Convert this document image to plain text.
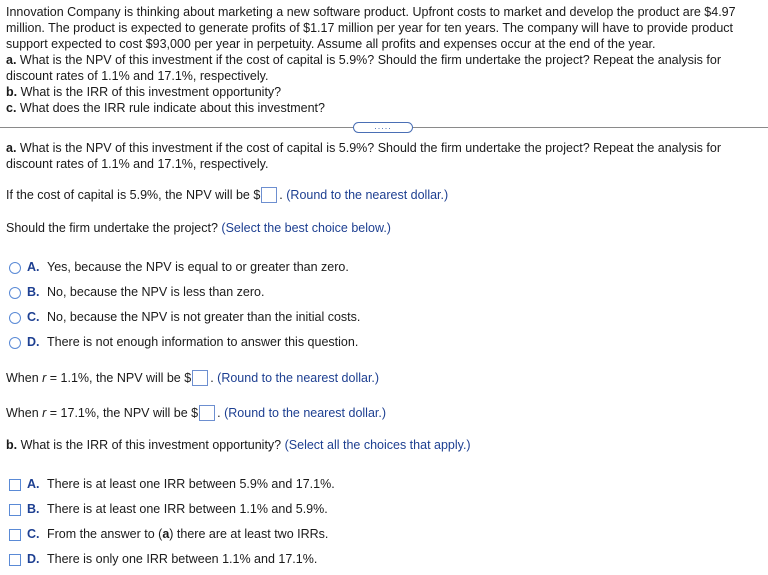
Innovation Company is thinking about marketing a new software product. Upfront costs to market and develop the product are $4.97 million. The product is expected to generate profits of $1.17 million per year for ten years. The company will have to provide product support expected to cost $93,000 per year in perpetuity. Assume all profits and expenses occur at the end of the year.

a. What is the NPV of this investment if the cost of capital is 5.9%? Should the firm undertake the project? Repeat the analysis for discount rates of 1.1% and 17.1%, respectively.

b. What is the IRR of this investment opportunity?

c. What does the IRR rule indicate about this investment?

.....
a. What is the NPV of this investment if the cost of capital is 5.9%? Should the firm undertake the project? Repeat the analysis for discount rates of 1.1% and 17.1%, respectively.
If the cost of capital is 5.9%, the NPV will be $ . (Round to the nearest dollar.)
Should the firm undertake the project? (Select the best choice below.)
A. Yes, because the NPV is equal to or greater than zero.
B. No, because the NPV is less than zero.
C. No, because the NPV is not greater than the initial costs.
D. There is not enough information to answer this question.
When r = 1.1%, the NPV will be $ . (Round to the nearest dollar.)
When r = 17.1%, the NPV will be $ . (Round to the nearest dollar.)
b. What is the IRR of this investment opportunity? (Select all the choices that apply.)
A. There is at least one IRR between 5.9% and 17.1%.
B. There is at least one IRR between 1.1% and 5.9%.
C. From the answer to (a) there are at least two IRRs.
D. There is only one IRR between 1.1% and 17.1%.
